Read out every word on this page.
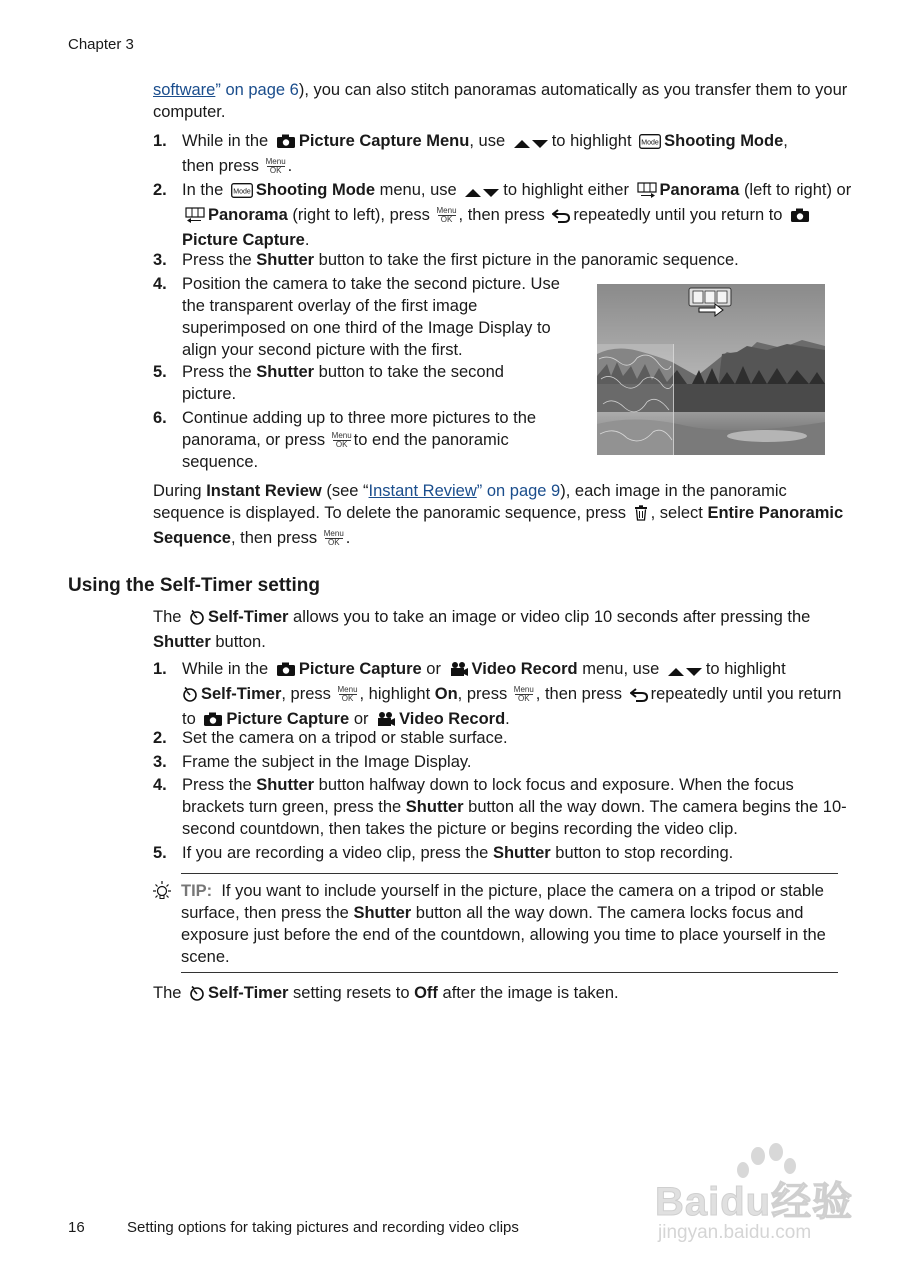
Chapter 3
software” on page 6), you can also stitch panoramas automatically as you transfer them to your computer.
1. While in the Picture Capture Menu, use	to highlight Mode Shooting Mode,
then press Menu
OK .
2. In the Mode Shooting Mode menu, use	to highlight either Panorama (left to right) or Panorama (right to left), press Menu
OK , then press repeatedly until you return to Picture Capture.
3. Press the Shutter button to take the first picture in the panoramic sequence.
4. Position the camera to take the second picture. Use the transparent overlay of the first image superimposed on one third of the Image Display to align your second picture with the first.
5. Press the Shutter button to take the second picture.
6. Continue adding up to three more pictures to the panorama, or press Menu
OK to end the panoramic sequence.
During Instant Review (see “Instant Review” on page 9), each image in the panoramic sequence is displayed. To delete the panoramic sequence, press , select Entire Panoramic Sequence, then press Menu
OK .
Using the Self-Timer setting
The Self-Timer allows you to take an image or video clip 10 seconds after pressing the Shutter button.
1. While in the Picture Capture or Video Record menu, use	to highlight
Self-Timer, press Menu
OK , highlight On, press Menu
OK , then press repeatedly until you return to Picture Capture or Video Record.
2. Set the camera on a tripod or stable surface.
3. Frame the subject in the Image Display.
4. Press the Shutter button halfway down to lock focus and exposure. When the focus brackets turn green, press the Shutter button all the way down. The camera begins the 10-second countdown, then takes the picture or begins recording the video clip.
5. If you are recording a video clip, press the Shutter button to stop recording.
TIP: If you want to include yourself in the picture, place the camera on a tripod or stable surface, then press the Shutter button all the way down. The camera locks focus and exposure just before the end of the countdown, allowing you time to place yourself in the scene.
The Self-Timer setting resets to Off after the image is taken.
Baidu经验
jingyan.baidu.com
16	Setting options for taking pictures and recording video clips
